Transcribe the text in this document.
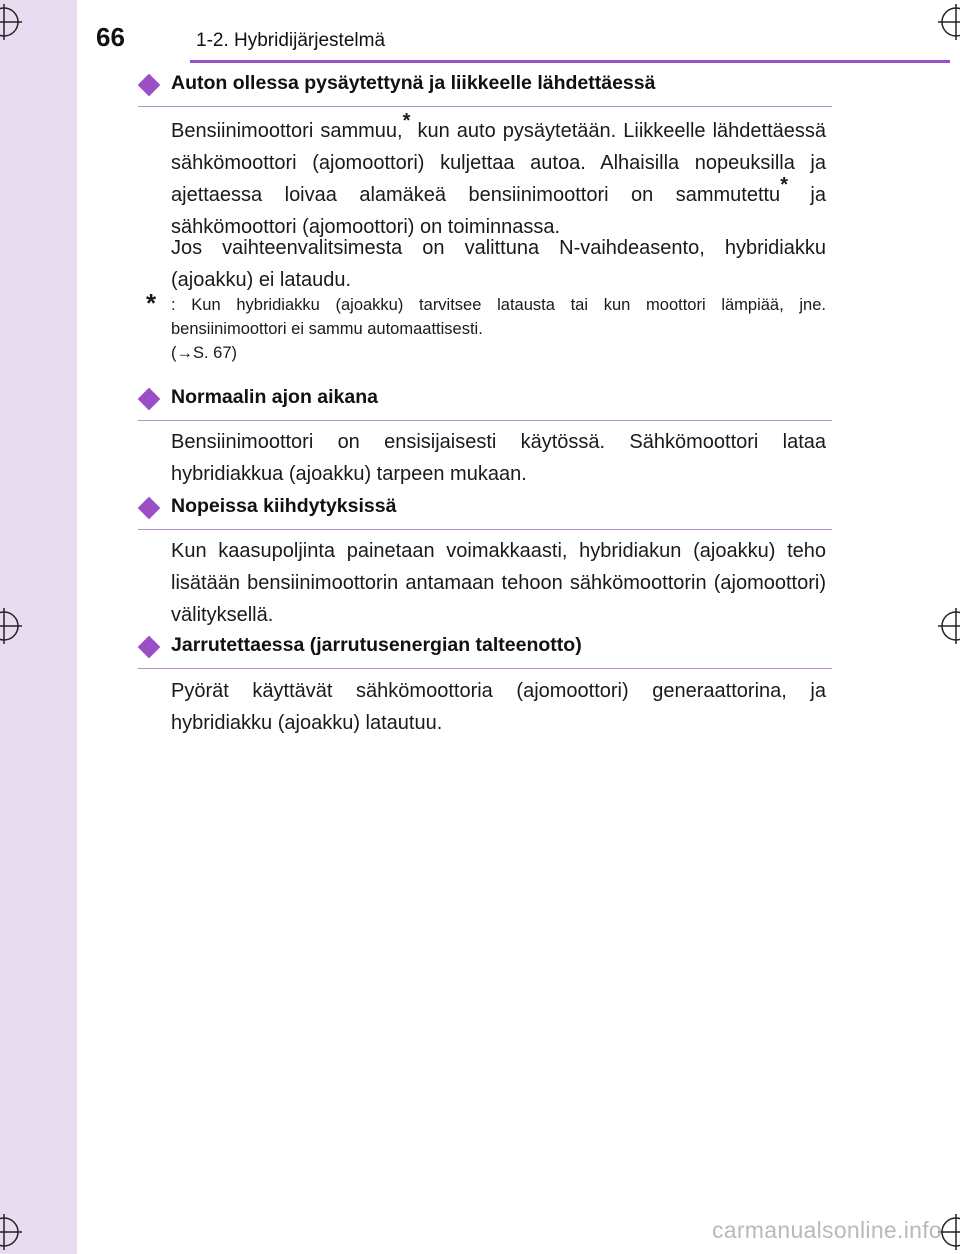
66	1-2. Hybridijärjestelmä
Auton ollessa pysäytettynä ja liikkeelle lähdettäessä
Bensiinimoottori sammuu,* kun auto pysäytetään. Liikkeelle lähdettäessä sähkömoottori (ajomoottori) kuljettaa autoa. Alhaisilla nopeuksilla ja ajettaessa loivaa alamäkeä bensiinimoottori on sammutettu* ja sähkömoottori (ajomoottori) on toiminnassa.
Jos vaihteenvalitsimesta on valittuna N-vaihdeasento, hybridiakku (ajoakku) ei lataudu.
* : Kun hybridiakku (ajoakku) tarvitsee latausta tai kun moottori lämpiää, jne. bensiinimoottori ei sammu automaattisesti.
(→S. 67)
Normaalin ajon aikana
Bensiinimoottori on ensisijaisesti käytössä. Sähkömoottori lataa hybridiakkua (ajoakku) tarpeen mukaan.
Nopeissa kiihdytyksissä
Kun kaasupoljinta painetaan voimakkaasti, hybridiakun (ajoakku) teho lisätään bensiinimoottorin antamaan tehoon sähkömoottorin (ajomoottori) välityksellä.
Jarrutettaessa (jarrutusenergian talteenotto)
Pyörät käyttävät sähkömoottoria (ajomoottori) generaattorina, ja hybridiakku (ajoakku) latautuu.
carmanualsonline.info
